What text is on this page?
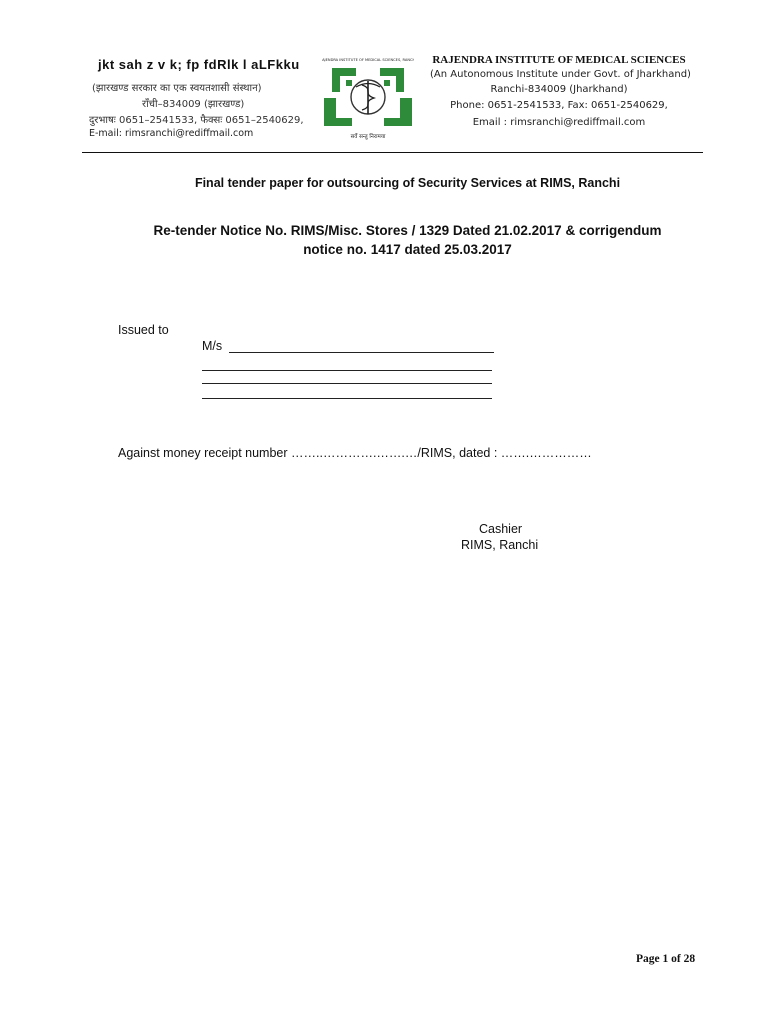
jkt sah z v k; fp fdRlk l aLFkku
(झारखण्ड सरकार का एक स्वयतशासी संस्थान)
राँची–834009 (झारखण्ड)
दुरभाषः 0651–2541533, फैक्सः 0651–2540629,
E-mail: rimsranchi@rediffmail.com
RAJENDRA INSTITUTE OF MEDICAL SCIENCES, RANCHI
सर्वे सन्तु निरामया
RAJENDRA INSTITUTE OF MEDICAL SCIENCES
(An Autonomous Institute under Govt. of Jharkhand)
Ranchi-834009 (Jharkhand)
Phone: 0651-2541533, Fax: 0651-2540629,
Email : rimsranchi@rediffmail.com
Final tender paper for outsourcing of Security Services at RIMS, Ranchi
Re-tender Notice No. RIMS/Misc. Stores / 1329 Dated 21.02.2017 & corrigendum
notice no. 1417 dated 25.03.2017
Issued to
M/s
Against money receipt number ……..………….…….…/RIMS, dated : …….……………
Cashier
RIMS, Ranchi
Page 1 of 28
